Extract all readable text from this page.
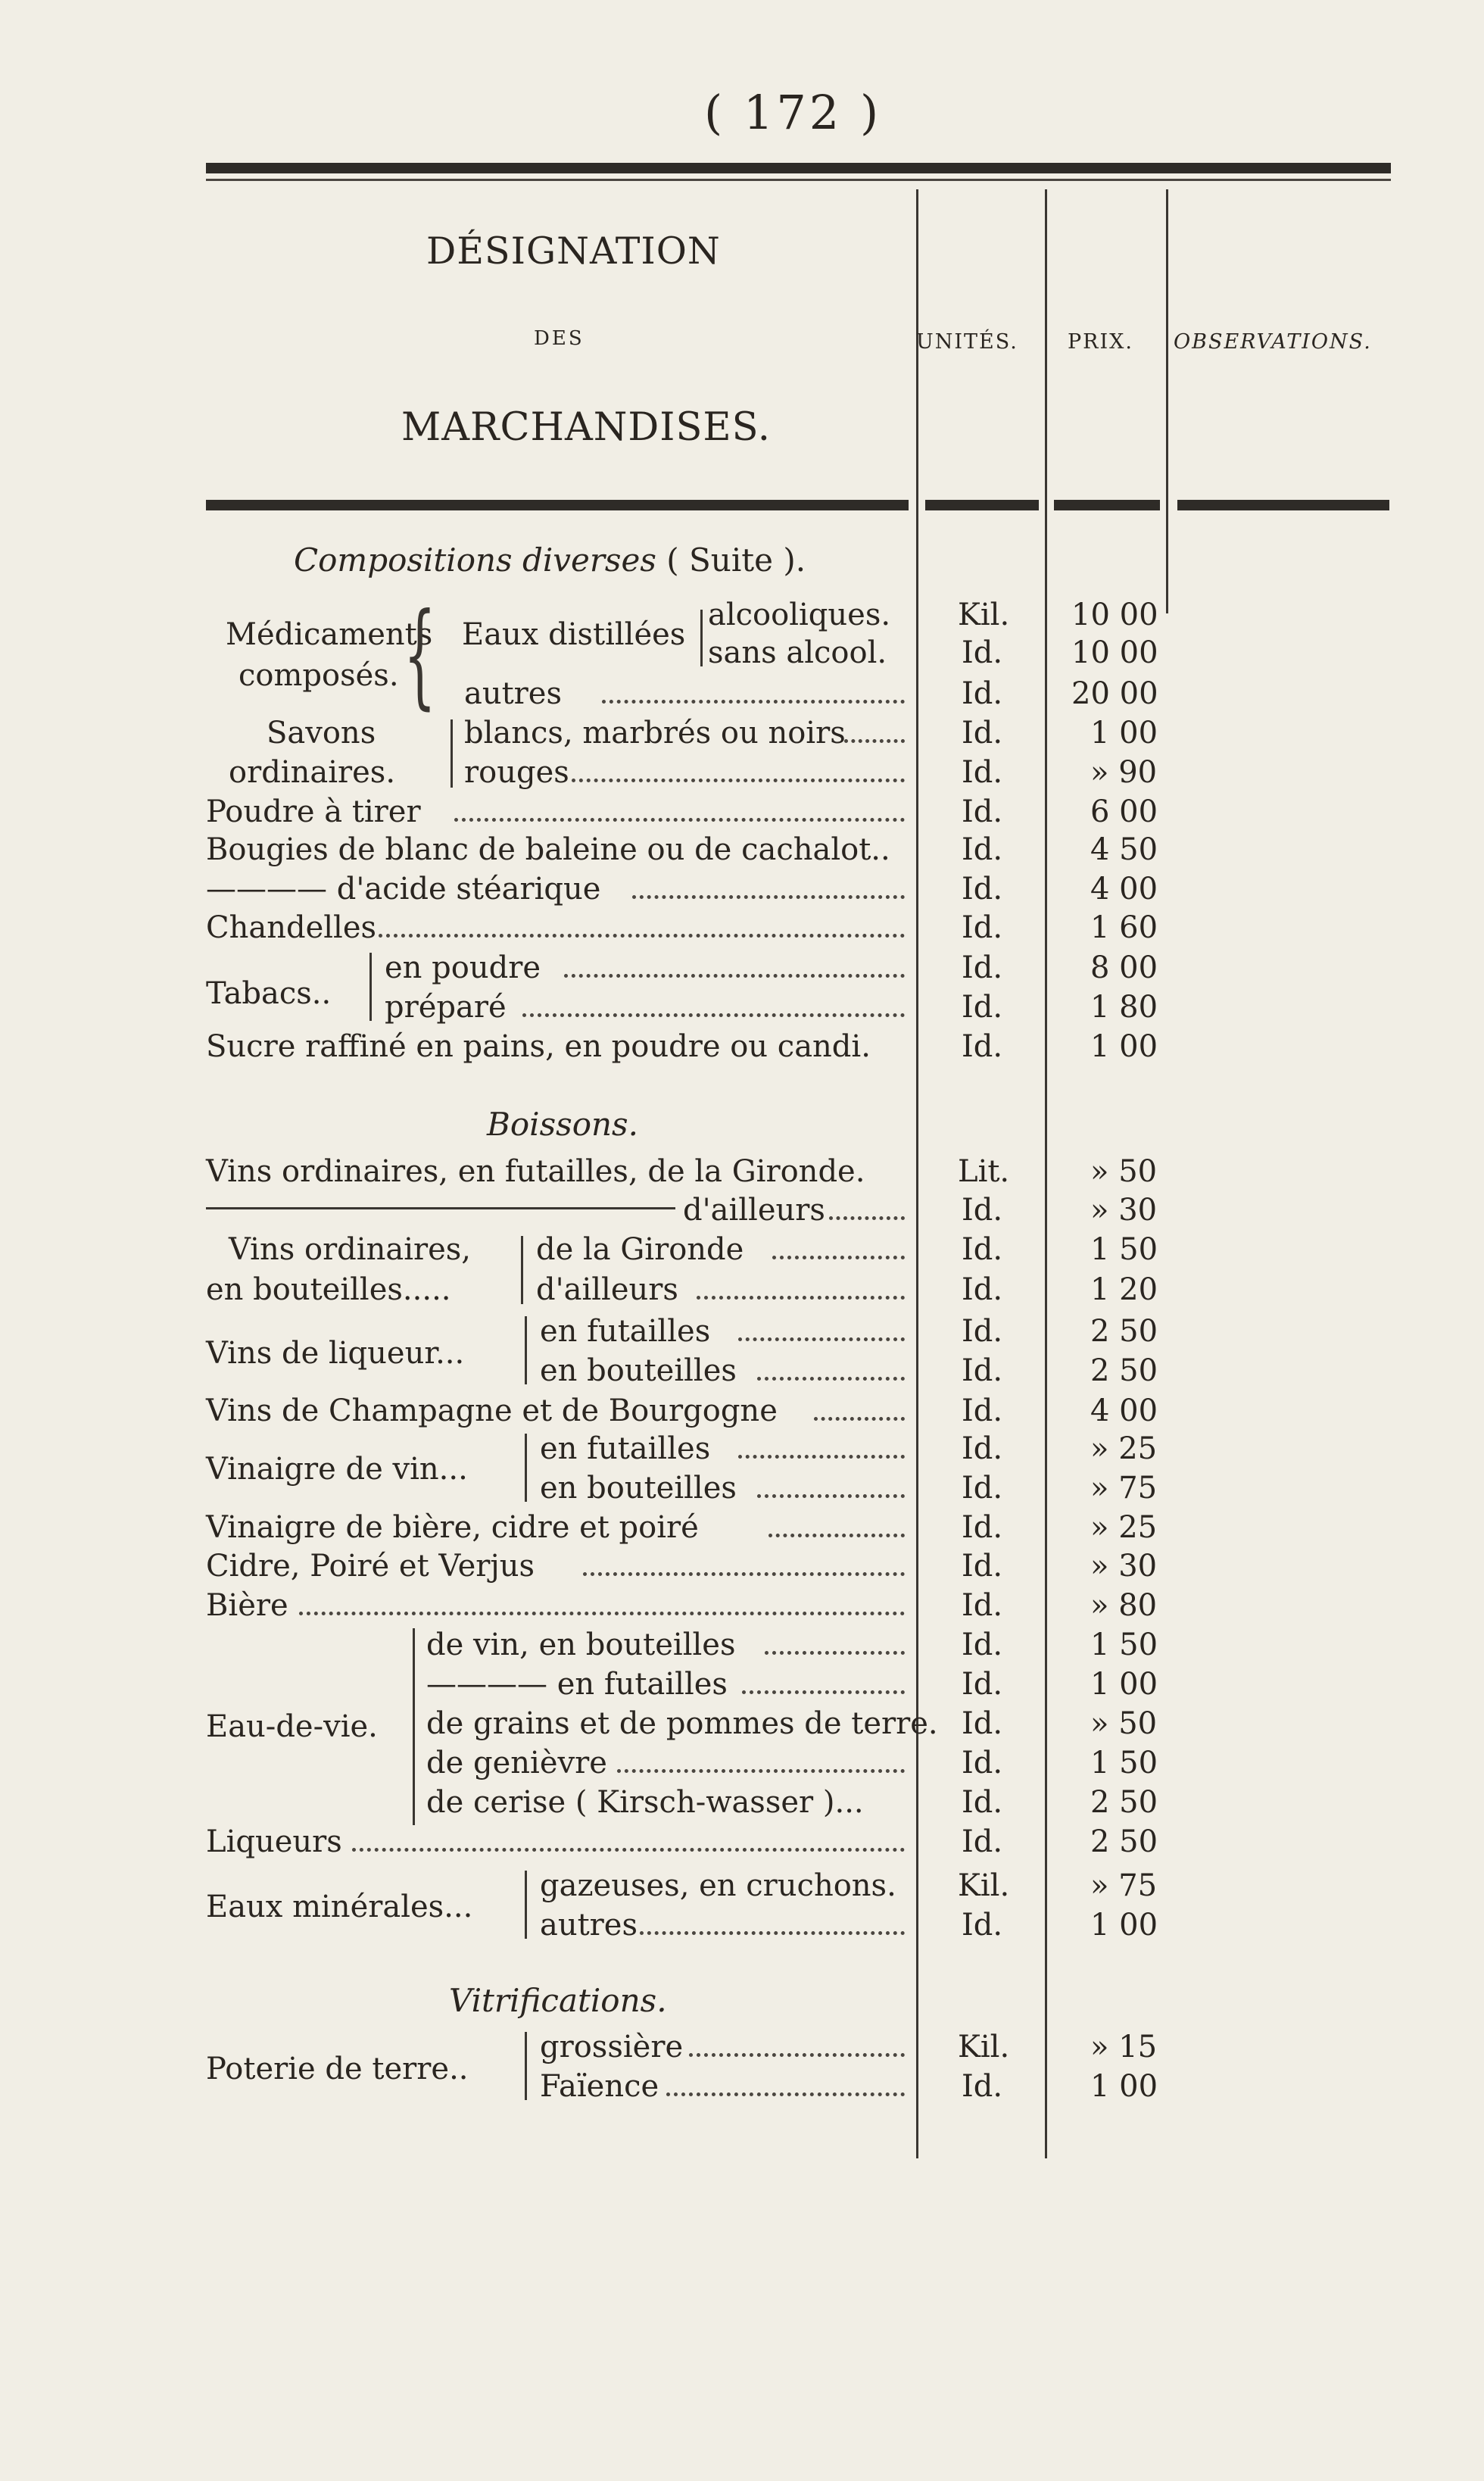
( 172 )
DÉSIGNATION
DES
MARCHANDISES.
UNITÉS. PRIX. OBSERVATIONS.
Compositions diverses ( Suite ).
Boissons.
Vitrifications.
Médicaments
composés. { Eaux distillées
Savons
ordinaires.
Tabacs..
Vins ordinaires,
en bouteilles.....
Vins de liqueur...
Vinaigre de vin...
Eau-de-vie.
Eaux minérales...
Poterie de terre..
alcooliques.
sans alcool.
autres
blancs, marbrés ou noirs
rouges
Poudre à tirer
Bougies de blanc de baleine ou de cachalot..
———— d'acide stéarique
Chandelles
en poudre
préparé
Sucre raffiné en pains, en poudre ou candi.
Vins ordinaires, en futailles, de la Gironde.
d'ailleurs
de la Gironde
d'ailleurs
en futailles
en bouteilles
Vins de Champagne et de Bourgogne
en futailles
en bouteilles
Vinaigre de bière, cidre et poiré
Cidre, Poiré et Verjus
Bière
de vin, en bouteilles
———— en futailles
de grains et de pommes de terre.
de genièvre
de cerise ( Kirsch-wasser )...
Liqueurs
gazeuses, en cruchons.
autres
grossière
Faïence
Kil.
Id.
Id.
Id.
Id.
Id.
Id.
Id.
Id.
Id.
Id.
Id.
Lit.
Id.
Id.
Id.
Id.
Id.
Id.
Id.
Id.
Id.
Id.
Id.
Id.
Id.
Id.
Id.
Id.
Id.
Kil.
Id.
Kil.
Id.
10 00
10 00
20 00
1 00
» 90
6 00
4 50
4 00
1 60
8 00
1 80
1 00
» 50
» 30
1 50
1 20
2 50
2 50
4 00
» 25
» 75
» 25
» 30
» 80
1 50
1 00
» 50
1 50
2 50
2 50
» 75
1 00
» 15
1 00
